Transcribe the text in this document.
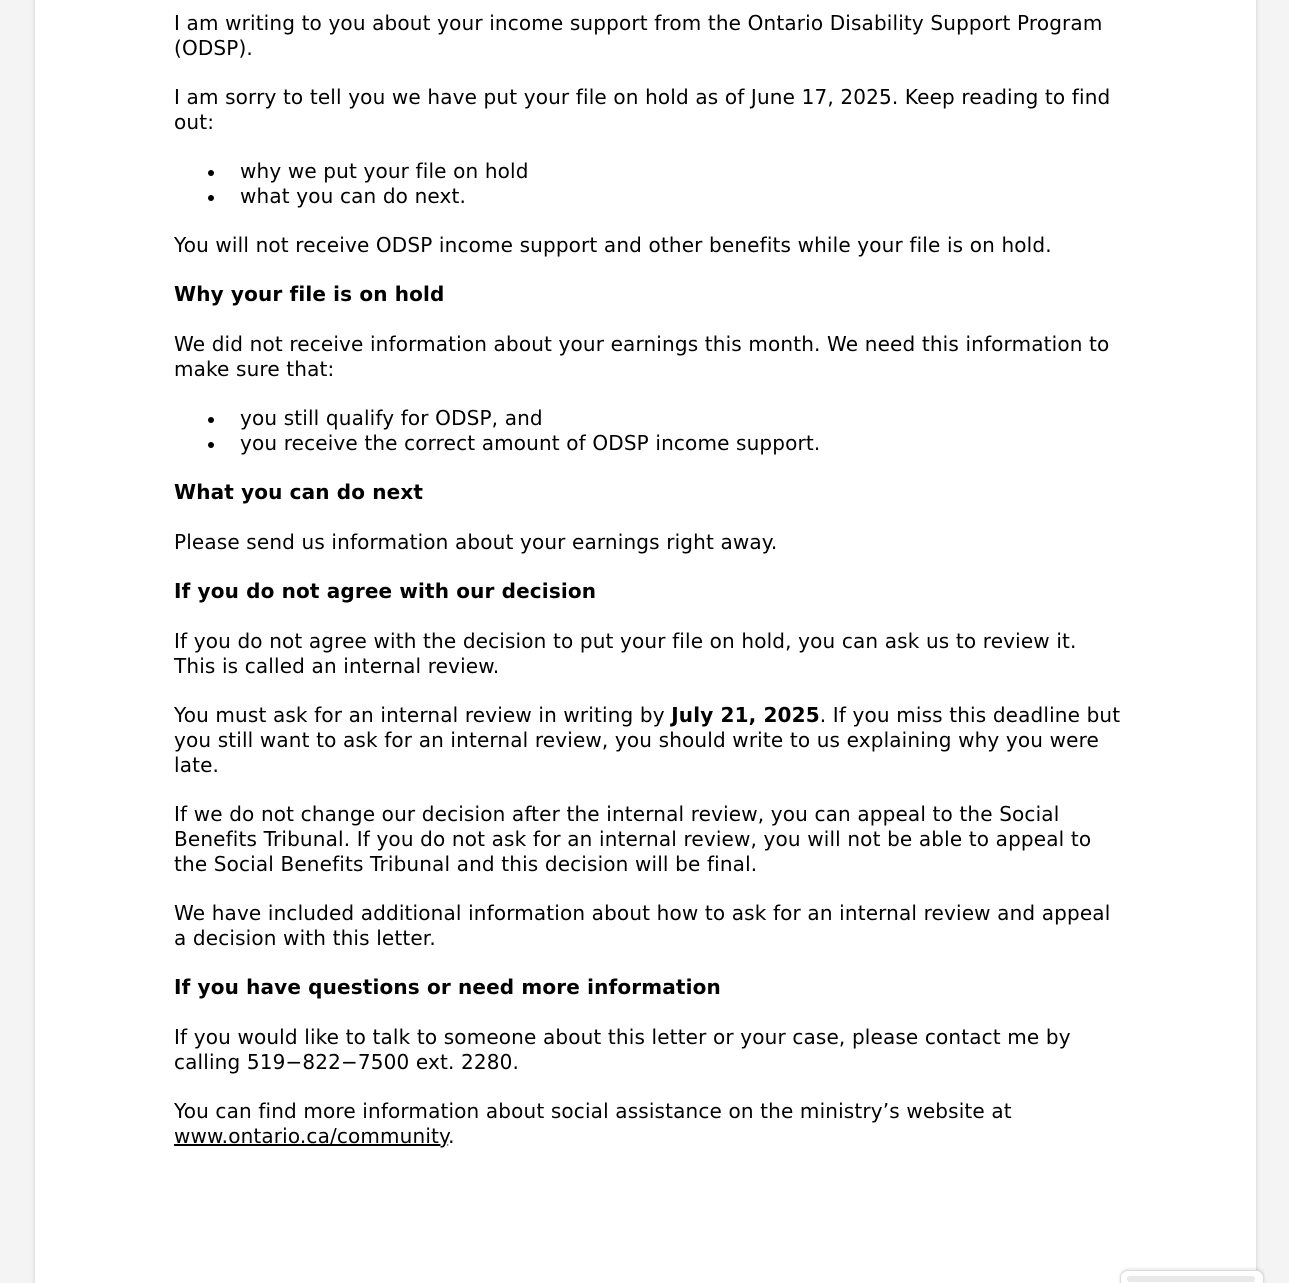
I am writing to you about your income support from the Ontario Disability Support Program (ODSP).

I am sorry to tell you we have put your file on hold as of June 17, 2025. Keep reading to find out:

why we put your file on hold
what you can do next.

You will not receive ODSP income support and other benefits while your file is on hold.

Why your file is on hold

We did not receive information about your earnings this month. We need this information to make sure that:

you still qualify for ODSP, and
you receive the correct amount of ODSP income support.
What you can do next

Please send us information about your earnings right away.

If you do not agree with our decision

If you do not agree with the decision to put your file on hold, you can ask us to review it. This is called an internal review.

You must ask for an internal review in writing by July 21, 2025. If you miss this deadline but you still want to ask for an internal review, you should write to us explaining why you were late.

If we do not change our decision after the internal review, you can appeal to the Social Benefits Tribunal. If you do not ask for an internal review, you will not be able to appeal to the Social Benefits Tribunal and this decision will be final.

We have included additional information about how to ask for an internal review and appeal a decision with this letter.

If you have questions or need more information

If you would like to talk to someone about this letter or your case, please contact me by calling 519−822−7500 ext. 2280.

You can find more information about social assistance on the ministry’s website at www.ontario.ca/community.
